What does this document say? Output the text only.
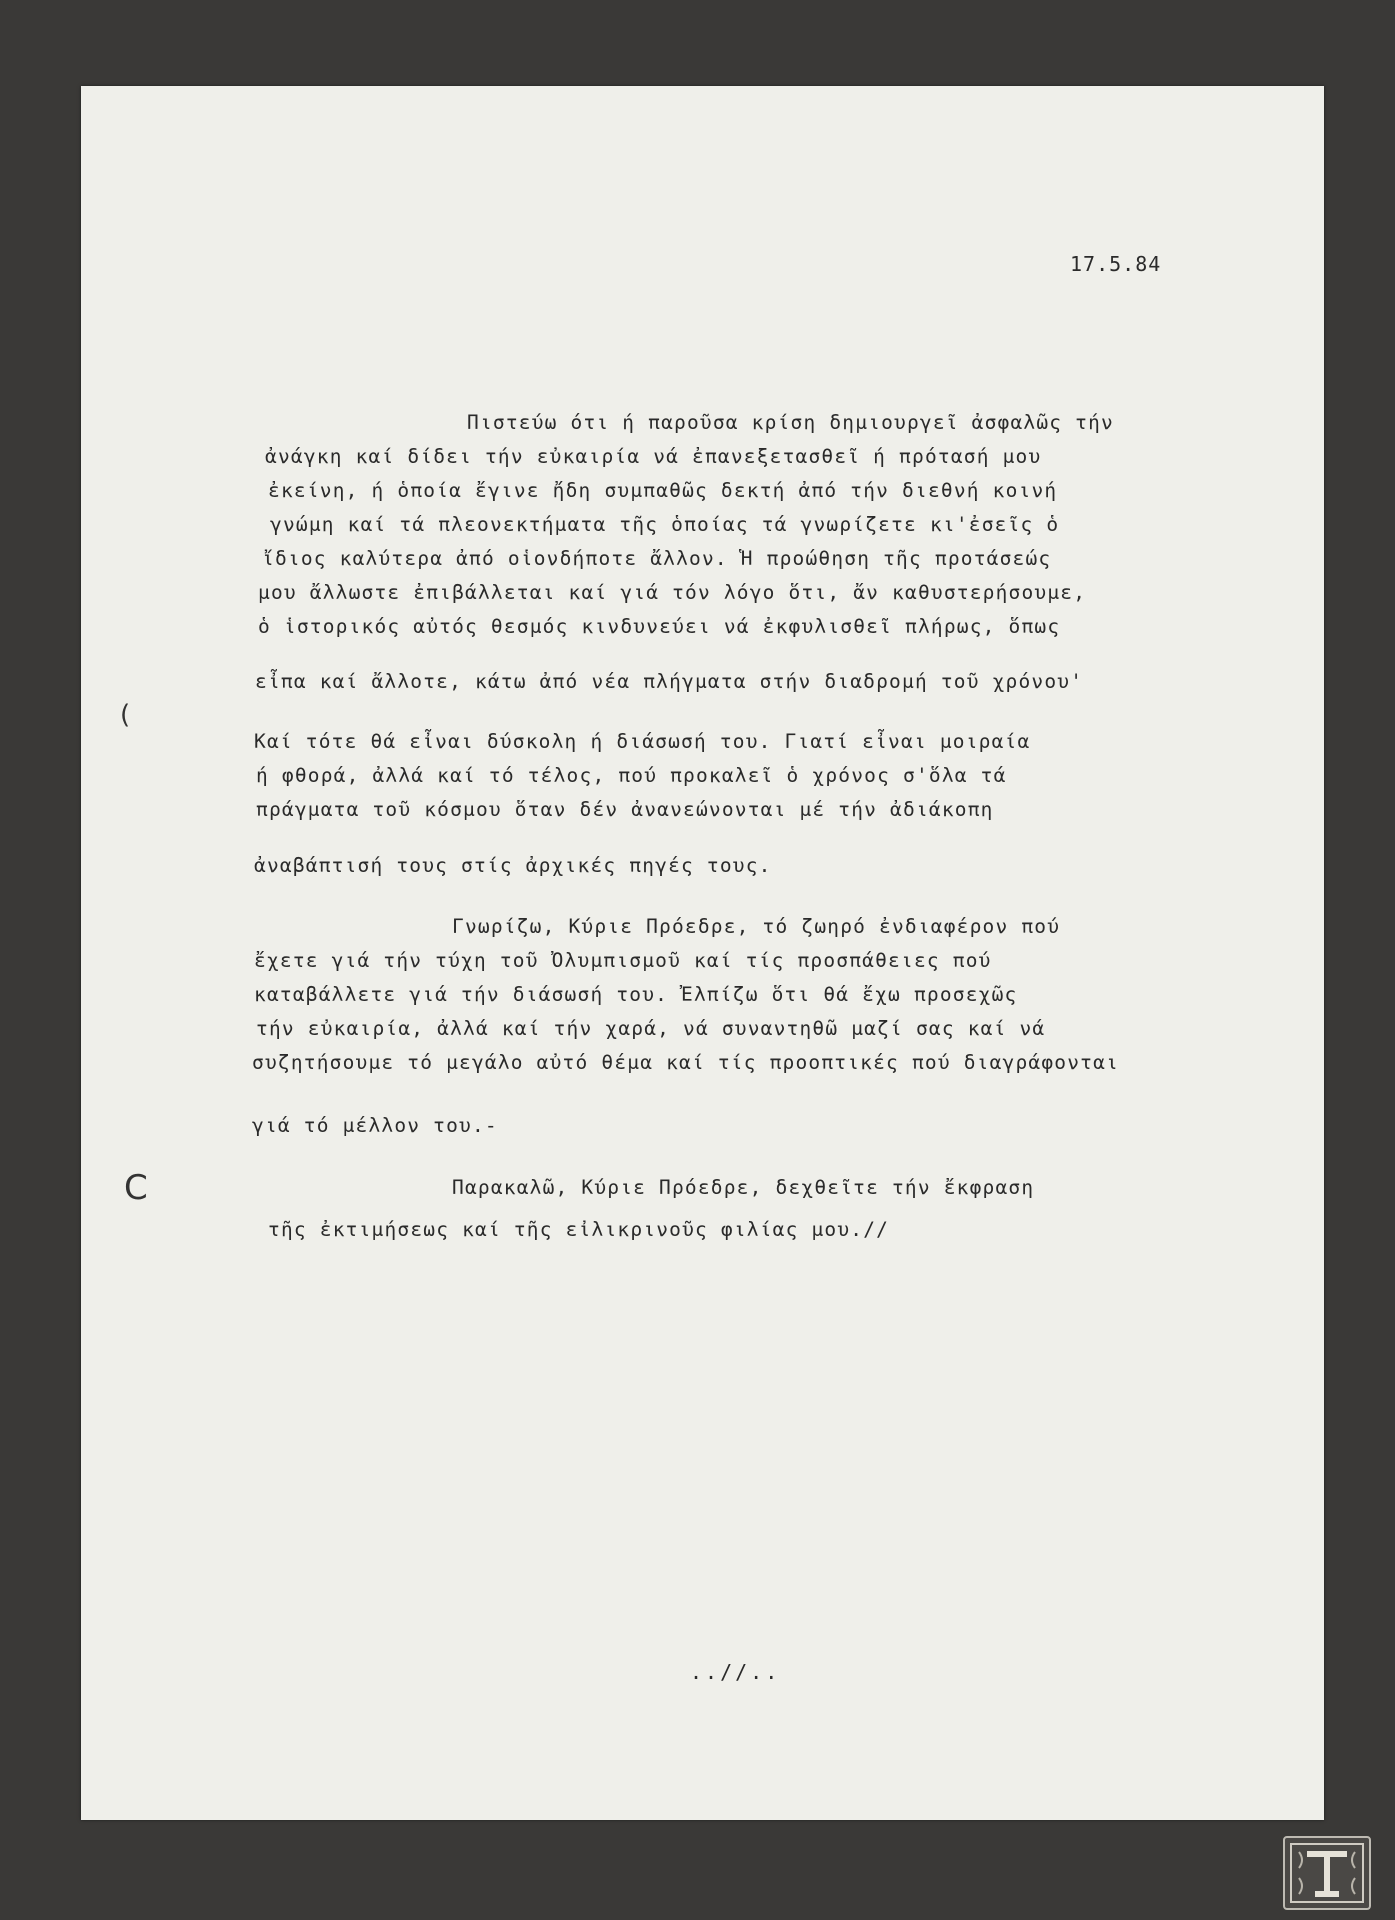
17.5.84
Πιστεύω ότι ή παροῦσα κρίση δημιουργεῖ ἀσφαλῶς τήν
ἀνάγκη καί δίδει τήν εὐκαιρία νά ἐπανεξετασθεῖ ή πρότασή μου
ἐκείνη, ή ὁποία ἔγινε ἤδη συμπαθῶς δεκτή ἀπό τήν διεθνή κοινή
γνώμη καί τά πλεονεκτήματα τῆς ὁποίας τά γνωρίζετε κι'ἐσεῖς ὁ
ἴδιος καλύτερα ἀπό οἱονδήποτε ἄλλον. Ἡ προώθηση τῆς προτάσεώς
μου ἄλλωστε ἐπιβάλλεται καί γιά τόν λόγο ὅτι, ἄν καθυστερήσουμε,
ὁ ἱστορικός αὐτός θεσμός κινδυνεύει νά ἐκφυλισθεῖ πλήρως, ὅπως
εἶπα καί ἄλλοτε, κάτω ἀπό νέα πλήγματα στήν διαδρομή τοῦ χρόνου'
Καί τότε θά εἶναι δύσκολη ή διάσωσή του. Γιατί εἶναι μοιραία
ή φθορά, ἀλλά καί τό τέλος, πού προκαλεῖ ὁ χρόνος σ'ὅλα τά
πράγματα τοῦ κόσμου ὅταν δέν ἀνανεώνονται μέ τήν ἀδιάκοπη
ἀναβάπτισή τους στίς ἀρχικές πηγές τους.
Γνωρίζω, Κύριε Πρόεδρε, τό ζωηρό ἐνδιαφέρον πού
ἔχετε γιά τήν τύχη τοῦ Ὀλυμπισμοῦ καί τίς προσπάθειες πού
καταβάλλετε γιά τήν διάσωσή του. Ἐλπίζω ὅτι θά ἔχω προσεχῶς
τήν εὐκαιρία, ἀλλά καί τήν χαρά, νά συναντηθῶ μαζί σας καί νά
συζητήσουμε τό μεγάλο αὐτό θέμα καί τίς προοπτικές πού διαγράφονται
γιά τό μέλλον του.-
Παρακαλῶ, Κύριε Πρόεδρε, δεχθεῖτε τήν ἔκφραση
τῆς ἐκτιμήσεως καί τῆς εἰλικρινοῦς φιλίας μου.//
(
C
..//..
